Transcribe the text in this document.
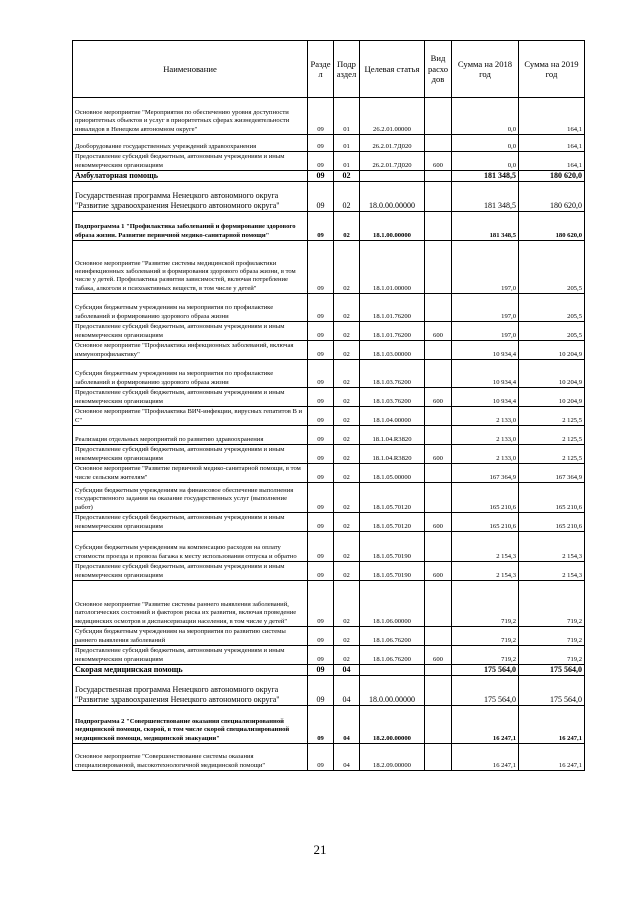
Наименование	Разде л	Подр аздел	Целевая статья	Вид расхо дов	Сумма на 2018 год	Сумма на 2019 год
Основное мероприятие "Мероприятия по обеспечению уровня доступности приоритетных объектов и услуг в приоритетных сферах жизнедеятельности инвалидов в Ненецком автономном округе"	09	01	26.2.01.00000		0,0	164,1
Дооборудование государственных учреждений здравоохранения	09	01	26.2.01.7Д020		0,0	164,1
Предоставление субсидий бюджетным, автономным учреждениям и иным некоммерческим организациям	09	01	26.2.01.7Д020	600	0,0	164,1
Амбулаторная помощь	09	02			181 348,5	180 620,0
Государственная программа Ненецкого автономного округа "Развитие здравоохранения Ненецкого автономного округа"	09	02	18.0.00.00000		181 348,5	180 620,0
Подпрограмма 1 "Профилактика заболеваний и формирование здорового образа жизни. Развитие первичной медико-санитарной помощи"	09	02	18.1.00.00000		181 348,5	180 620,0
Основное мероприятие "Развитие системы медицинской профилактики неинфекционных заболеваний и формирования здорового образа жизни, в том числе у детей. Профилактика развития зависимостей, включая потребление табака, алкоголя и психоактивных веществ, в том числе у детей"	09	02	18.1.01.00000		197,0	205,5
Субсидия бюджетным учреждениям на мероприятия по профилактике заболеваний и формированию здорового образа жизни	09	02	18.1.01.76200		197,0	205,5
Предоставление субсидий бюджетным, автономным учреждениям и иным некоммерческим организациям	09	02	18.1.01.76200	600	197,0	205,5
Основное мероприятие "Профилактика инфекционных заболеваний, включая иммунопрофилактику"	09	02	18.1.03.00000		10 934,4	10 204,9
Субсидия бюджетным учреждениям на мероприятия по профилактике заболеваний и формированию здорового образа жизни	09	02	18.1.03.76200		10 934,4	10 204,9
Предоставление субсидий бюджетным, автономным учреждениям и иным некоммерческим организациям	09	02	18.1.03.76200	600	10 934,4	10 204,9
Основное мероприятие "Профилактика ВИЧ-инфекции, вирусных гепатитов В и С"	09	02	18.1.04.00000		2 133,0	2 125,5
Реализация отдельных мероприятий по развитию здравоохранения	09	02	18.1.04.R3820		2 133,0	2 125,5
Предоставление субсидий бюджетным, автономным учреждениям и иным некоммерческим организациям	09	02	18.1.04.R3820	600	2 133,0	2 125,5
Основное мероприятие "Развитие первичной медико-санитарной помощи, в том числе сельским жителям"	09	02	18.1.05.00000		167 364,9	167 364,9
Субсидии бюджетным учреждениям на финансовое обеспечение выполнения государственного задания на оказание государственных услуг (выполнение работ)	09	02	18.1.05.70120		165 210,6	165 210,6
Предоставление субсидий бюджетным, автономным учреждениям и иным некоммерческим организациям	09	02	18.1.05.70120	600	165 210,6	165 210,6
Субсидии бюджетным учреждениям на компенсацию расходов на оплату стоимости проезда и провоза багажа к месту использования отпуска и обратно	09	02	18.1.05.70190		2 154,3	2 154,3
Предоставление субсидий бюджетным, автономным учреждениям и иным некоммерческим организациям	09	02	18.1.05.70190	600	2 154,3	2 154,3
Основное мероприятие "Развитие системы раннего выявления заболеваний, патологических состояний и факторов риска их развития, включая проведение медицинских осмотров и диспансеризации населения, в том числе у детей"	09	02	18.1.06.00000		719,2	719,2
Субсидия бюджетным учреждениям на мероприятия по развитию системы раннего выявления заболеваний	09	02	18.1.06.76200		719,2	719,2
Предоставление субсидий бюджетным, автономным учреждениям и иным некоммерческим организациям	09	02	18.1.06.76200	600	719,2	719,2
Скорая медицинская помощь	09	04			175 564,0	175 564,0
Государственная программа Ненецкого автономного округа "Развитие здравоохранения Ненецкого автономного округа"	09	04	18.0.00.00000		175 564,0	175 564,0
Подпрограмма 2 "Совершенствование оказания специализированной медицинской помощи, скорой, в том числе скорой специализированной медицинской помощи, медицинской эвакуации"	09	04	18.2.00.00000		16 247,1	16 247,1
Основное мероприятие "Совершенствование системы оказания специализированной, высокотехнологичной медицинской помощи"	09	04	18.2.09.00000		16 247,1	16 247,1
21
